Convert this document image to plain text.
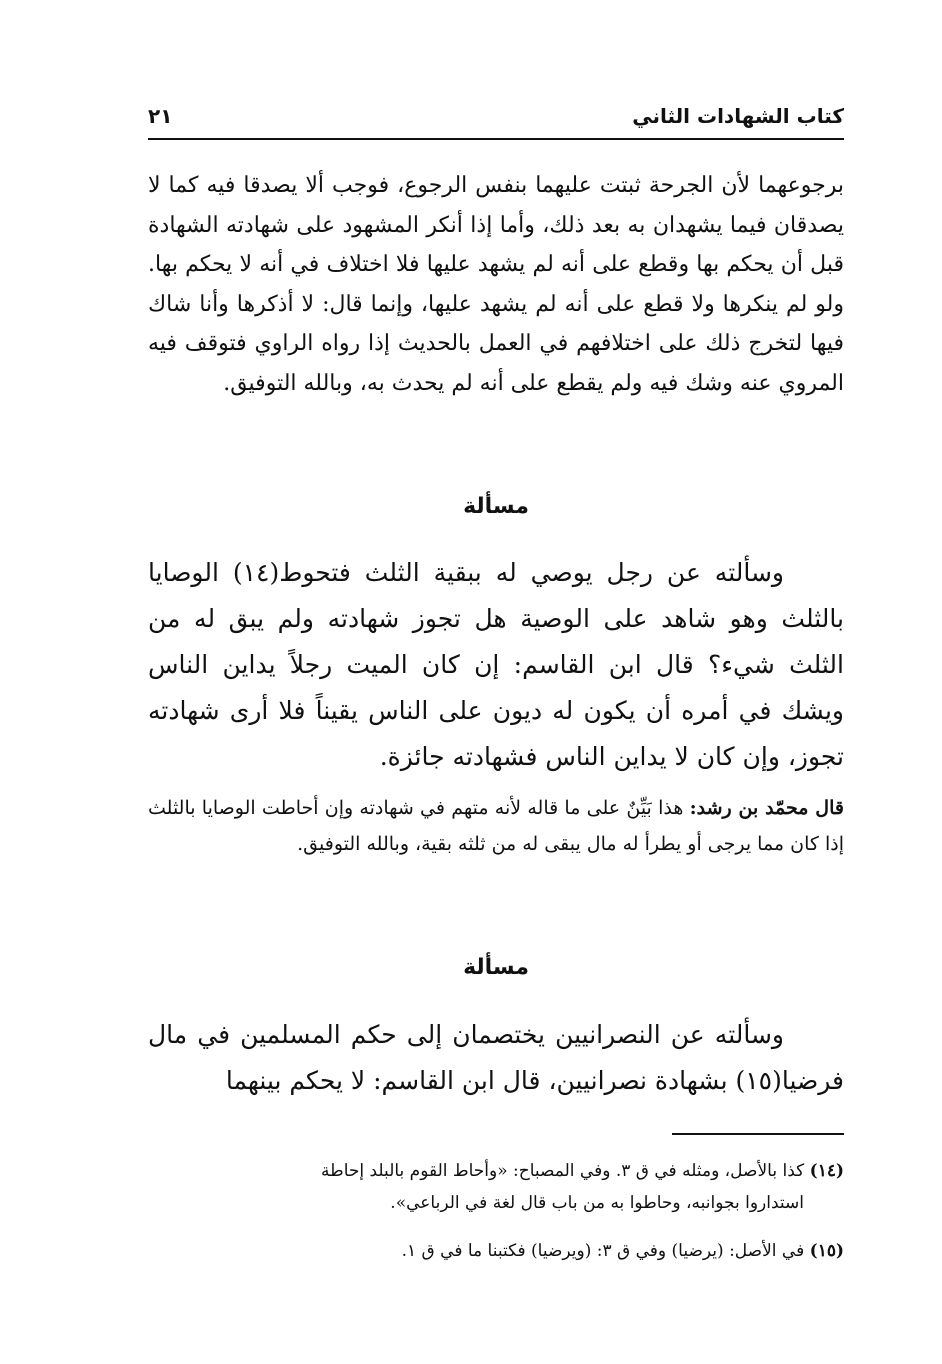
كتاب الشهادات الثاني
٢١

برجوعهما لأن الجرحة ثبتت عليهما بنفس الرجوع، فوجب ألا يصدقا فيه كما لا يصدقان فيما يشهدان به بعد ذلك، وأما إذا أنكر المشهود على شهادته الشهادة قبل أن يحكم بها وقطع على أنه لم يشهد عليها فلا اختلاف في أنه لا يحكم بها. ولو لم ينكرها ولا قطع على أنه لم يشهد عليها، وإنما قال: لا أذكرها وأنا شاك فيها لتخرج ذلك على اختلافهم في العمل بالحديث إذا رواه الراوي فتوقف فيه المروي عنه وشك فيه ولم يقطع على أنه لم يحدث به، وبالله التوفيق.

مسألة

وسألته عن رجل يوصي له ببقية الثلث فتحوط(١٤) الوصايا بالثلث وهو شاهد على الوصية هل تجوز شهادته ولم يبق له من الثلث شيء؟ قال ابن القاسم: إن كان الميت رجلاً يداين الناس ويشك في أمره أن يكون له ديون على الناس يقيناً فلا أرى شهادته تجوز، وإن كان لا يداين الناس فشهادته جائزة.

قال محمّد بن رشد: هذا بَيِّنٌ على ما قاله لأنه متهم في شهادته وإن أحاطت الوصايا بالثلث إذا كان مما يرجى أو يطرأ له مال يبقى له من ثلثه بقية، وبالله التوفيق.

مسألة

وسألته عن النصرانيين يختصمان إلى حكم المسلمين في مال فرضيا(١٥) بشهادة نصرانيين، قال ابن القاسم: لا يحكم بينهما

(١٤) كذا بالأصل، ومثله في ق ٣. وفي المصباح: «وأحاط القوم بالبلد إحاطة
استداروا بجوانبه، وحاطوا به من باب قال لغة في الرباعي».

(١٥) في الأصل: (يرضيا) وفي ق ٣: (ويرضيا) فكتبنا ما في ق ١.
